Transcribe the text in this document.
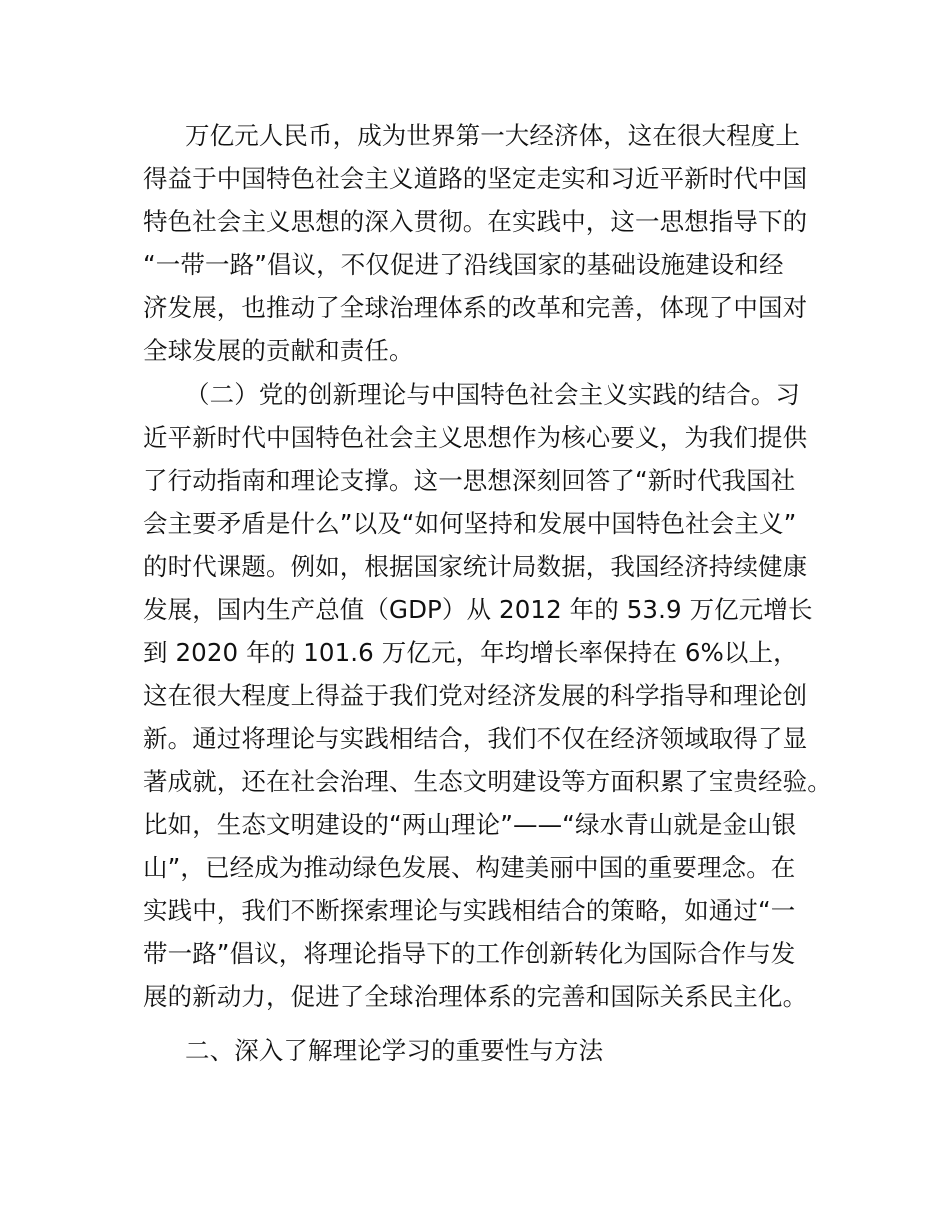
万亿元人民币，成为世界第一大经济体，这在很大程度上
得益于中国特色社会主义道路的坚定走实和习近平新时代中国
特色社会主义思想的深入贯彻。在实践中，这一思想指导下的
“一带一路”倡议，不仅促进了沿线国家的基础设施建设和经
济发展，也推动了全球治理体系的改革和完善，体现了中国对
全球发展的贡献和责任。
（二）党的创新理论与中国特色社会主义实践的结合。习
近平新时代中国特色社会主义思想作为核心要义，为我们提供
了行动指南和理论支撑。这一思想深刻回答了“新时代我国社
会主要矛盾是什么”以及“如何坚持和发展中国特色社会主义”
的时代课题。例如，根据国家统计局数据，我国经济持续健康
发展，国内生产总值（GDP）从 2012 年的 53.9 万亿元增长
到 2020 年的 101.6 万亿元，年均增长率保持在 6%以上，
这在很大程度上得益于我们党对经济发展的科学指导和理论创
新。通过将理论与实践相结合，我们不仅在经济领域取得了显
著成就，还在社会治理、生态文明建设等方面积累了宝贵经验。
比如，生态文明建设的“两山理论”——“绿水青山就是金山银
山”，已经成为推动绿色发展、构建美丽中国的重要理念。在
实践中，我们不断探索理论与实践相结合的策略，如通过“一
带一路”倡议，将理论指导下的工作创新转化为国际合作与发
展的新动力，促进了全球治理体系的完善和国际关系民主化。
二、深入了解理论学习的重要性与方法
